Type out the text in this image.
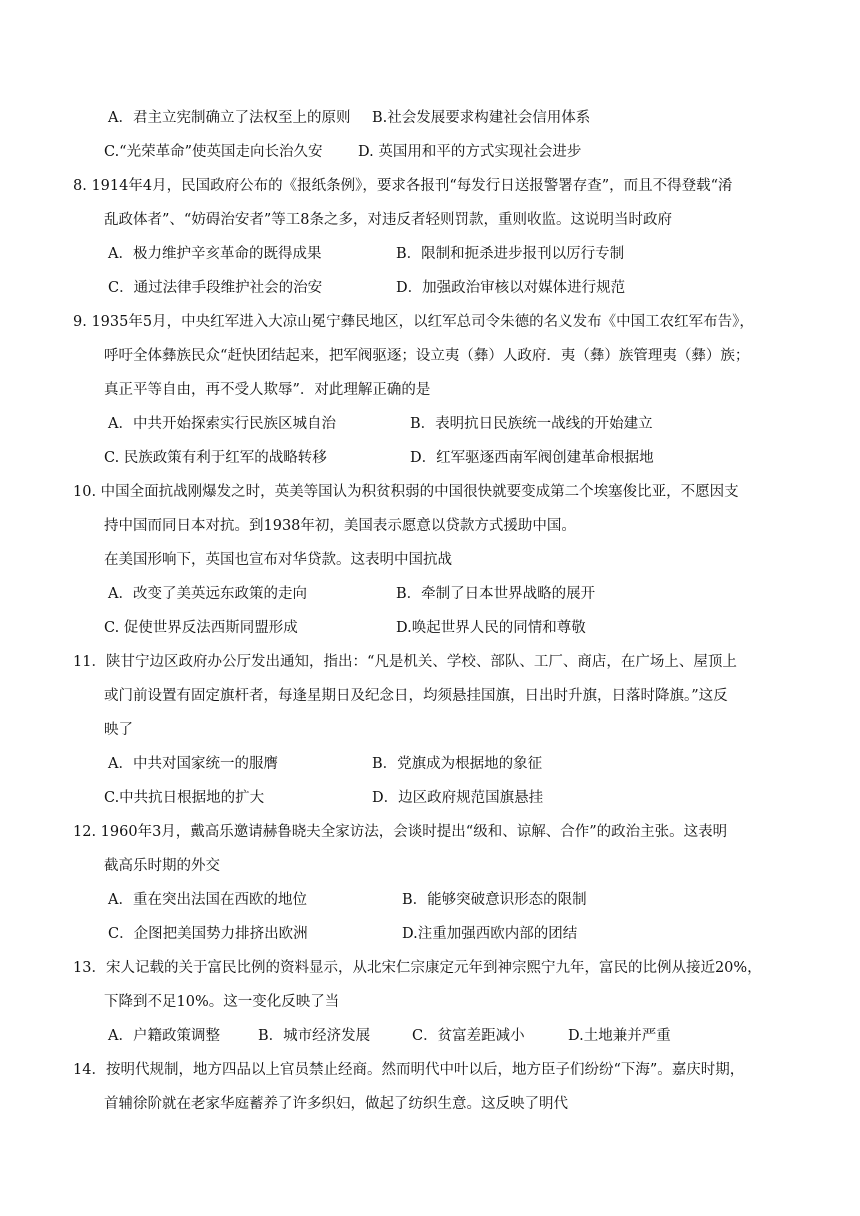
A．君主立宪制确立了法权至上的原则 B.社会发展要求构建社会信用体系
C.“光荣革命”使英国走向长治久安 D. 英国用和平的方式实现社会进步
8. 1914年4月，民国政府公布的《报纸条例》，要求各报刊“每发行日送报警署存查”，而且不得登载“淆
乱政体者”、“妨碍治安者”等工8条之多，对违反者轻则罚款，重则收监。这说明当时政府
A．极力维护辛亥革命的既得成果	B．限制和扼杀进步报刊以厉行专制
C．通过法律手段维护社会的治安	D．加强政治审核以对媒体进行规范
9. 1935年5月，中央红军进入大凉山冕宁彝民地区，以红军总司令朱德的名义发布《中国工农红军布告》，
呼吁全体彝族民众“赶快团结起来，把军阀驱逐；设立夷（彝）人政府．夷（彝）族管理夷（彝）族；
真正平等自由，再不受人欺辱”．对此理解正确的是
A．中共开始探索实行民族区城自治	B．表明抗日民族统一战线的开始建立
C. 民族政策有利于红军的战略转移	D．红军驱逐西南军阀创建革命根据地
10. 中国全面抗战刚爆发之时，英美等国认为积贫积弱的中国很快就要变成第二个埃塞俊比亚，不愿因支
持中国而同日本对抗。到1938年初，美国表示愿意以贷款方式援助中国。
在美国形响下，英国也宣布对华贷款。这表明中国抗战
A．改变了美英远东政策的走向	B．牵制了日本世界战略的展开
C. 促使世界反法西斯同盟形成	D.唤起世界人民的同情和尊敬
11．陕甘宁边区政府办公厅发出通知，指出：“凡是机关、学校、部队、工厂、商店，在广场上、屋顶上
或门前设置有固定旗杆者，每逢星期日及纪念日，均须悬挂国旗，日出时升旗，日落时降旗。”这反
映了
A．中共对国家统一的服膺	B．党旗成为根据地的象征
C.中共抗日根据地的扩大	D．边区政府规范国旗悬挂
12. 1960年3月，戴高乐邀请赫鲁晓夫全家访法，会谈时提出“级和、谅解、合作”的政治主张。这表明
截高乐时期的外交
A．重在突出法国在西欧的地位	B．能够突破意识形态的限制
C．企图把美国势力排挤出欧洲	D.注重加强西欧内部的团结
13．宋人记载的关于富民比例的资料显示，从北宋仁宗康定元年到神宗熙宁九年，富民的比例从接近20%，
下降到不足10%。这一变化反映了当
A．户籍政策调整	B．城市经济发展	C．贫富差距减小	D.土地兼并严重
14．按明代规制，地方四品以上官员禁止经商。然而明代中叶以后，地方臣子们纷纷“下海”。嘉庆时期，
首辅徐阶就在老家华庭蓄养了许多织妇，做起了纺织生意。这反映了明代
